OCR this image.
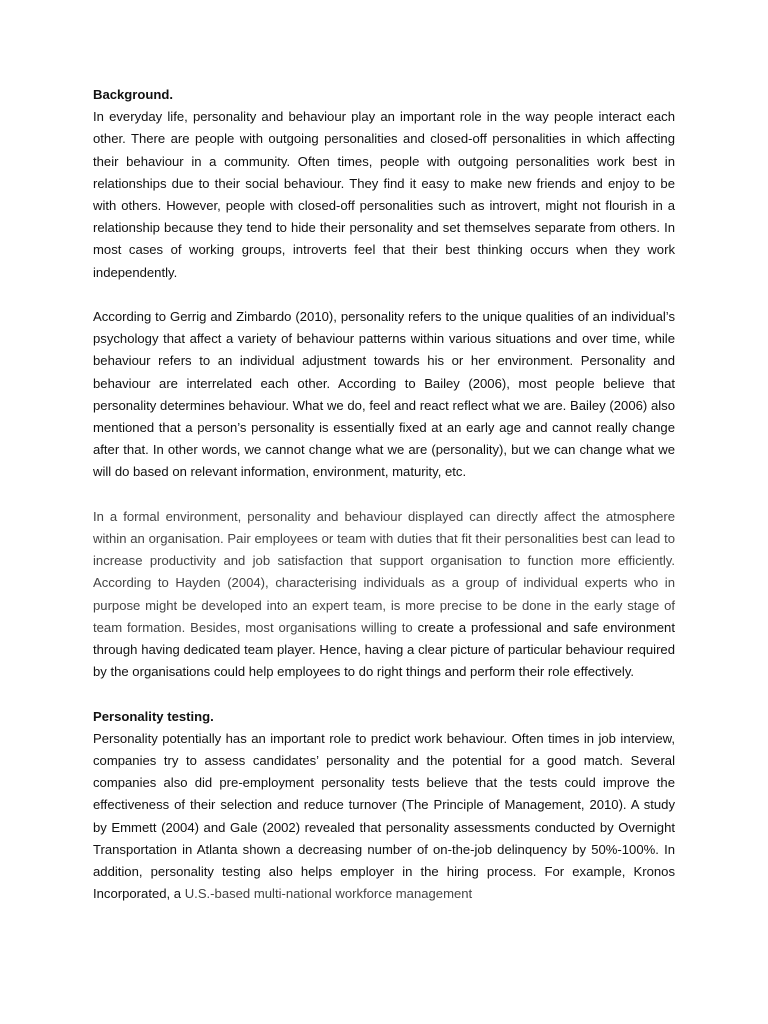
Background.

In everyday life, personality and behaviour play an important role in the way people interact each other. There are people with outgoing personalities and closed-off personalities in which affecting their behaviour in a community. Often times, people with outgoing personalities work best in relationships due to their social behaviour. They find it easy to make new friends and enjoy to be with others. However, people with closed-off personalities such as introvert, might not flourish in a relationship because they tend to hide their personality and set themselves separate from others. In most cases of working groups, introverts feel that their best thinking occurs when they work independently.

According to Gerrig and Zimbardo (2010), personality refers to the unique qualities of an individual’s psychology that affect a variety of behaviour patterns within various situations and over time, while behaviour refers to an individual adjustment towards his or her environment. Personality and behaviour are interrelated each other. According to Bailey (2006), most people believe that personality determines behaviour. What we do, feel and react reflect what we are. Bailey (2006) also mentioned that a person’s personality is essentially fixed at an early age and cannot really change after that. In other words, we cannot change what we are (personality), but we can change what we will do based on relevant information, environment, maturity, etc.

In a formal environment, personality and behaviour displayed can directly affect the atmosphere within an organisation. Pair employees or team with duties that fit their personalities best can lead to increase productivity and job satisfaction that support organisation to function more efficiently. According to Hayden (2004), characterising individuals as a group of individual experts who in purpose might be developed into an expert team, is more precise to be done in the early stage of team formation. Besides, most organisations willing to create a professional and safe environment through having dedicated team player. Hence, having a clear picture of particular behaviour required by the organisations could help employees to do right things and perform their role effectively.

Personality testing.

Personality potentially has an important role to predict work behaviour. Often times in job interview, companies try to assess candidates’ personality and the potential for a good match. Several companies also did pre-employment personality tests believe that the tests could improve the effectiveness of their selection and reduce turnover (The Principle of Management, 2010). A study by Emmett (2004) and Gale (2002) revealed that personality assessments conducted by Overnight Transportation in Atlanta shown a decreasing number of on-the-job delinquency by 50%-100%. In addition, personality testing also helps employer in the hiring process. For example, Kronos Incorporated, a U.S.-based multi-national workforce management
